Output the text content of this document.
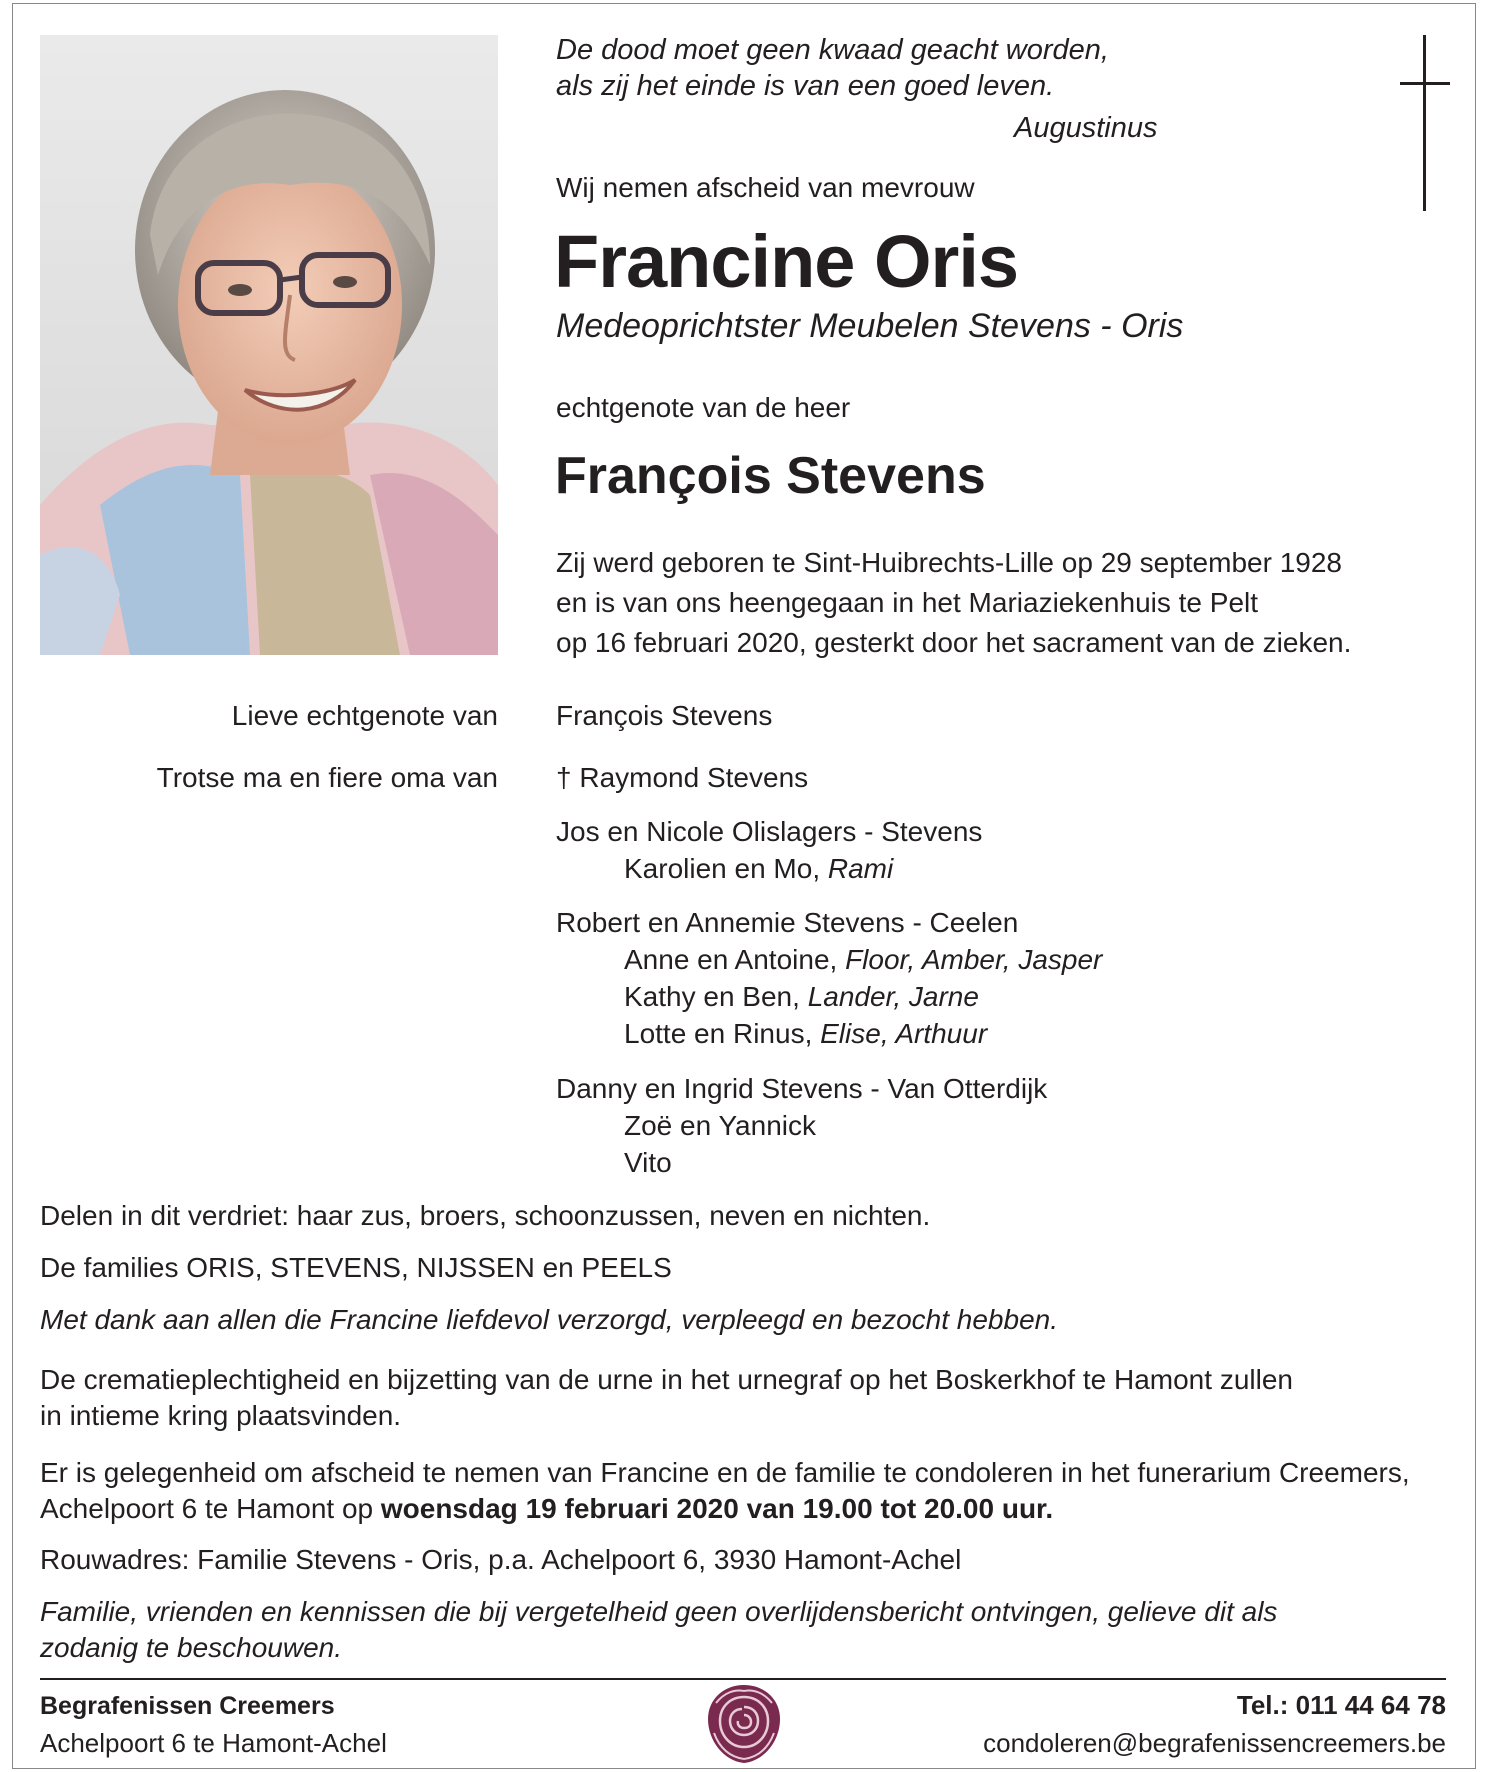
De dood moet geen kwaad geacht worden,
als zij het einde is van een goed leven.
Augustinus
Wij nemen afscheid van mevrouw
Francine Oris
Medeoprichtster Meubelen Stevens - Oris
echtgenote van de heer
François Stevens
Zij werd geboren te Sint-Huibrechts-Lille op 29 september 1928
en is van ons heengegaan in het Mariaziekenhuis te Pelt
op 16 februari 2020, gesterkt door het sacrament van de zieken.
Lieve echtgenote van François Stevens
Trotse ma en fiere oma van † Raymond Stevens
Jos en Nicole Olislagers - Stevens
Karolien en Mo, Rami
Robert en Annemie Stevens - Ceelen
Anne en Antoine, Floor, Amber, Jasper
Kathy en Ben, Lander, Jarne
Lotte en Rinus, Elise, Arthuur
Danny en Ingrid Stevens - Van Otterdijk
Zoë en Yannick
Vito
Delen in dit verdriet: haar zus, broers, schoonzussen, neven en nichten.
De families ORIS, STEVENS, NIJSSEN en PEELS
Met dank aan allen die Francine liefdevol verzorgd, verpleegd en bezocht hebben.
De crematieplechtigheid en bijzetting van de urne in het urnegraf op het Boskerkhof te Hamont zullen
in intieme kring plaatsvinden.
Er is gelegenheid om afscheid te nemen van Francine en de familie te condoleren in het funerarium Creemers,
Achelpoort 6 te Hamont op woensdag 19 februari 2020 van 19.00 tot 20.00 uur.
Rouwadres: Familie Stevens - Oris, p.a. Achelpoort 6, 3930 Hamont-Achel
Familie, vrienden en kennissen die bij vergetelheid geen overlijdensbericht ontvingen, gelieve dit als
zodanig te beschouwen.
Begrafenissen Creemers
Achelpoort 6 te Hamont-Achel
Tel.: 011 44 64 78
condoleren@begrafenissencreemers.be
